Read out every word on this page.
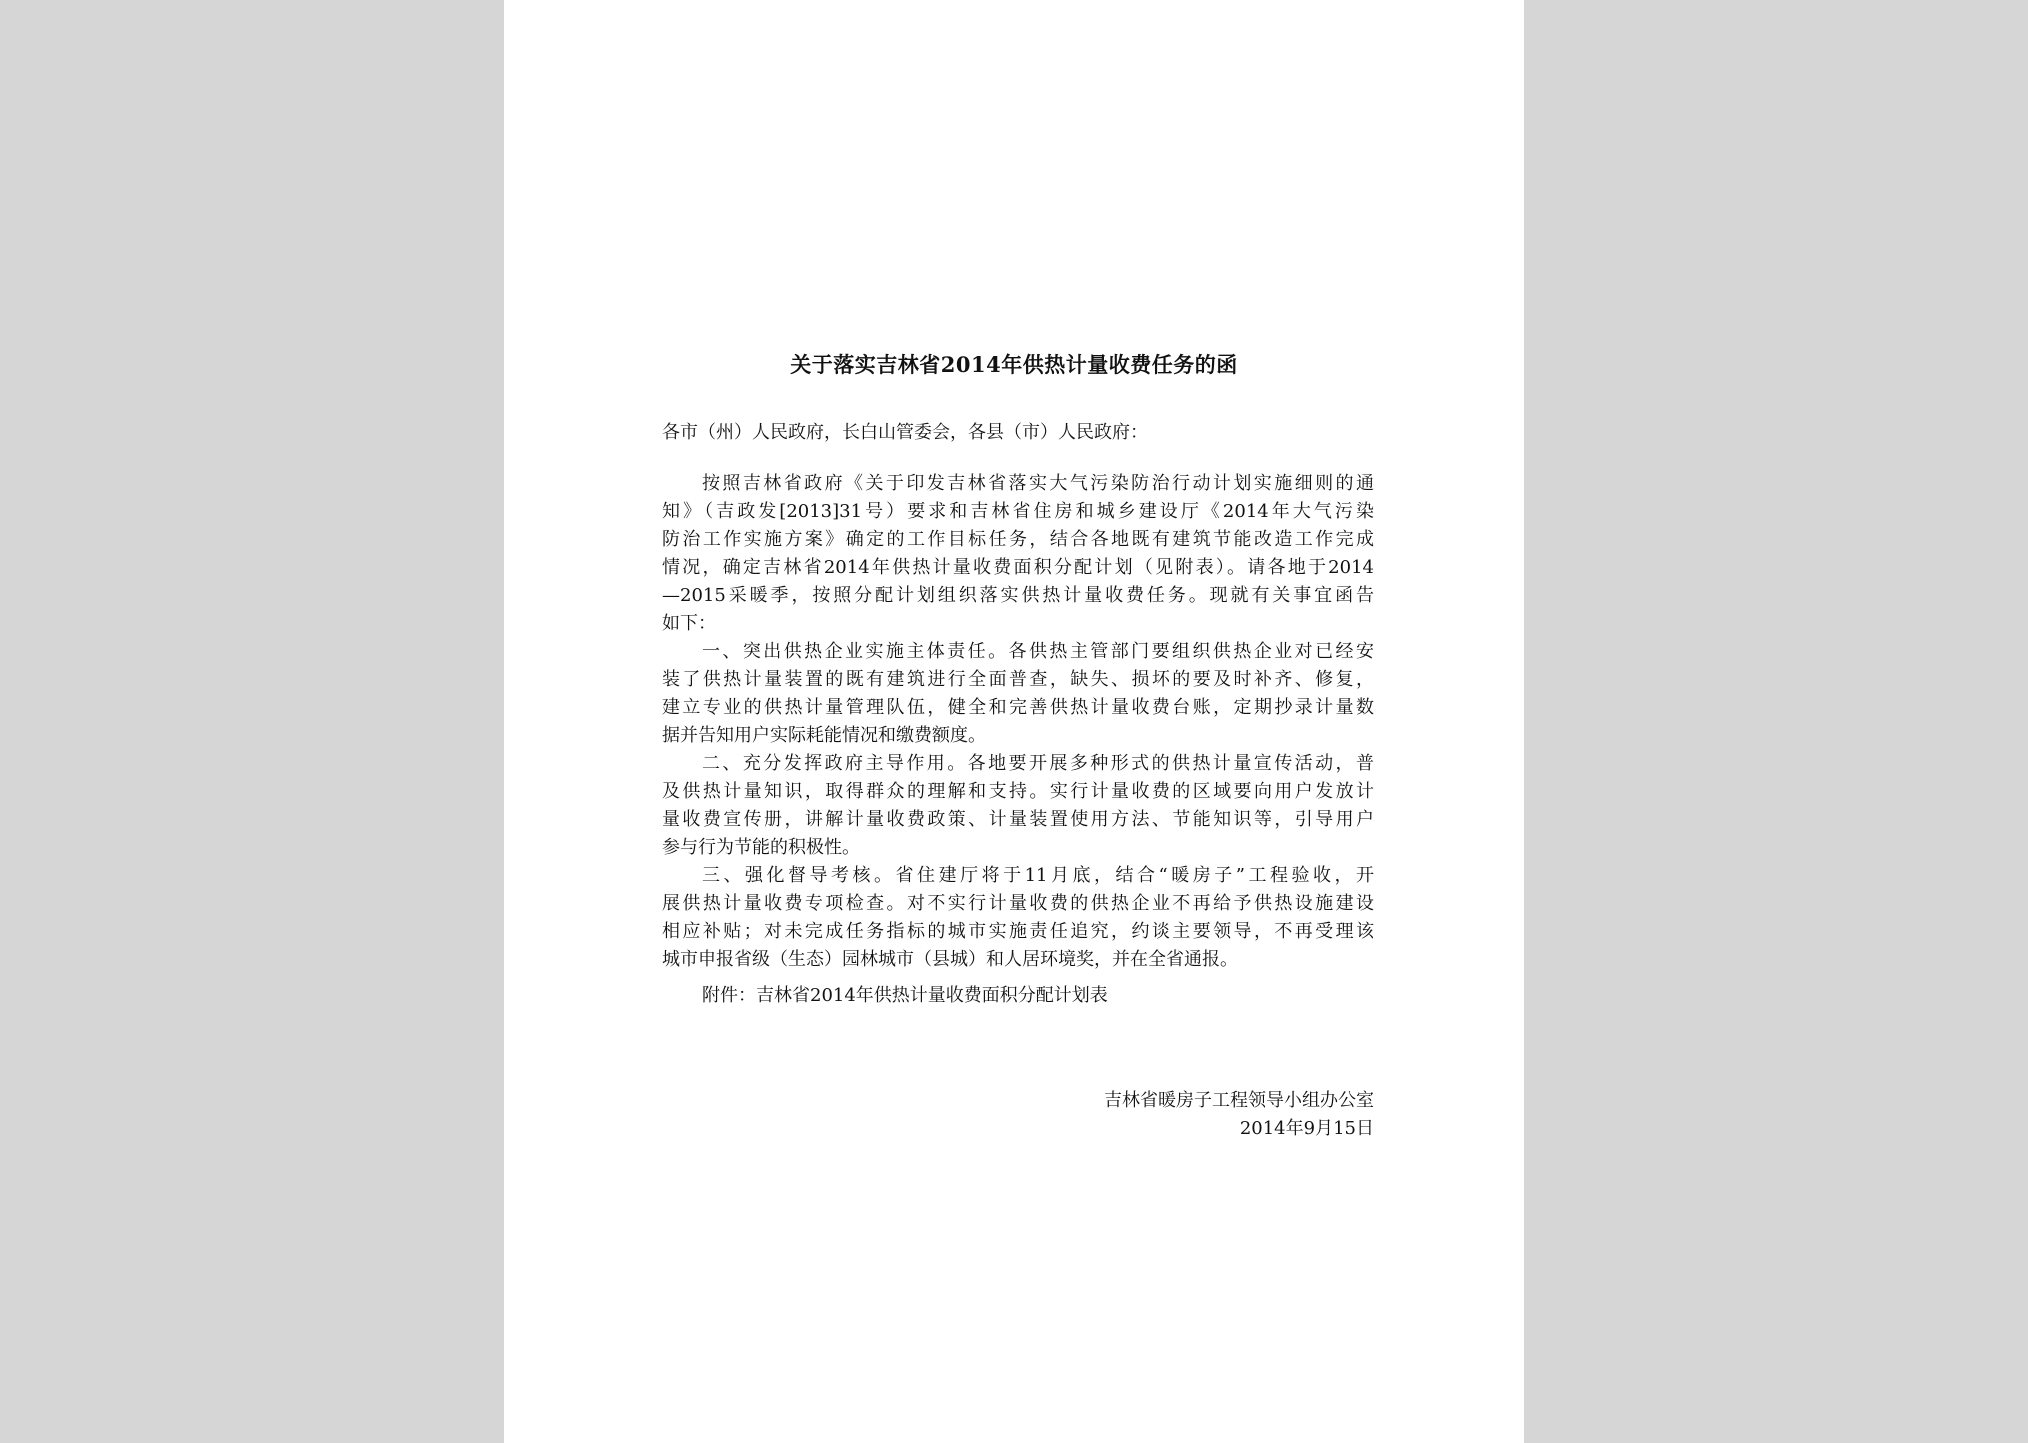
关于落实吉林省2014年供热计量收费任务的函
各市（州）人民政府，长白山管委会，各县（市）人民政府：
按照吉林省政府《关于印发吉林省落实大气污染防治行动计划实施细则的通
知》（吉政发[2013]31号）要求和吉林省住房和城乡建设厅《2014年大气污染
防治工作实施方案》确定的工作目标任务，结合各地既有建筑节能改造工作完成
情况，确定吉林省2014年供热计量收费面积分配计划（见附表）。请各地于2014
—2015采暖季，按照分配计划组织落实供热计量收费任务。现就有关事宜函告
如下：
一、突出供热企业实施主体责任。各供热主管部门要组织供热企业对已经安
装了供热计量装置的既有建筑进行全面普查，缺失、损坏的要及时补齐、修复，
建立专业的供热计量管理队伍，健全和完善供热计量收费台账，定期抄录计量数
据并告知用户实际耗能情况和缴费额度。
二、充分发挥政府主导作用。各地要开展多种形式的供热计量宣传活动，普
及供热计量知识，取得群众的理解和支持。实行计量收费的区域要向用户发放计
量收费宣传册，讲解计量收费政策、计量装置使用方法、节能知识等，引导用户
参与行为节能的积极性。
三、强化督导考核。省住建厅将于11月底，结合“暖房子”工程验收，开
展供热计量收费专项检查。对不实行计量收费的供热企业不再给予供热设施建设
相应补贴；对未完成任务指标的城市实施责任追究，约谈主要领导，不再受理该
城市申报省级（生态）园林城市（县城）和人居环境奖，并在全省通报。
附件：吉林省2014年供热计量收费面积分配计划表
吉林省暖房子工程领导小组办公室
2014年9月15日
